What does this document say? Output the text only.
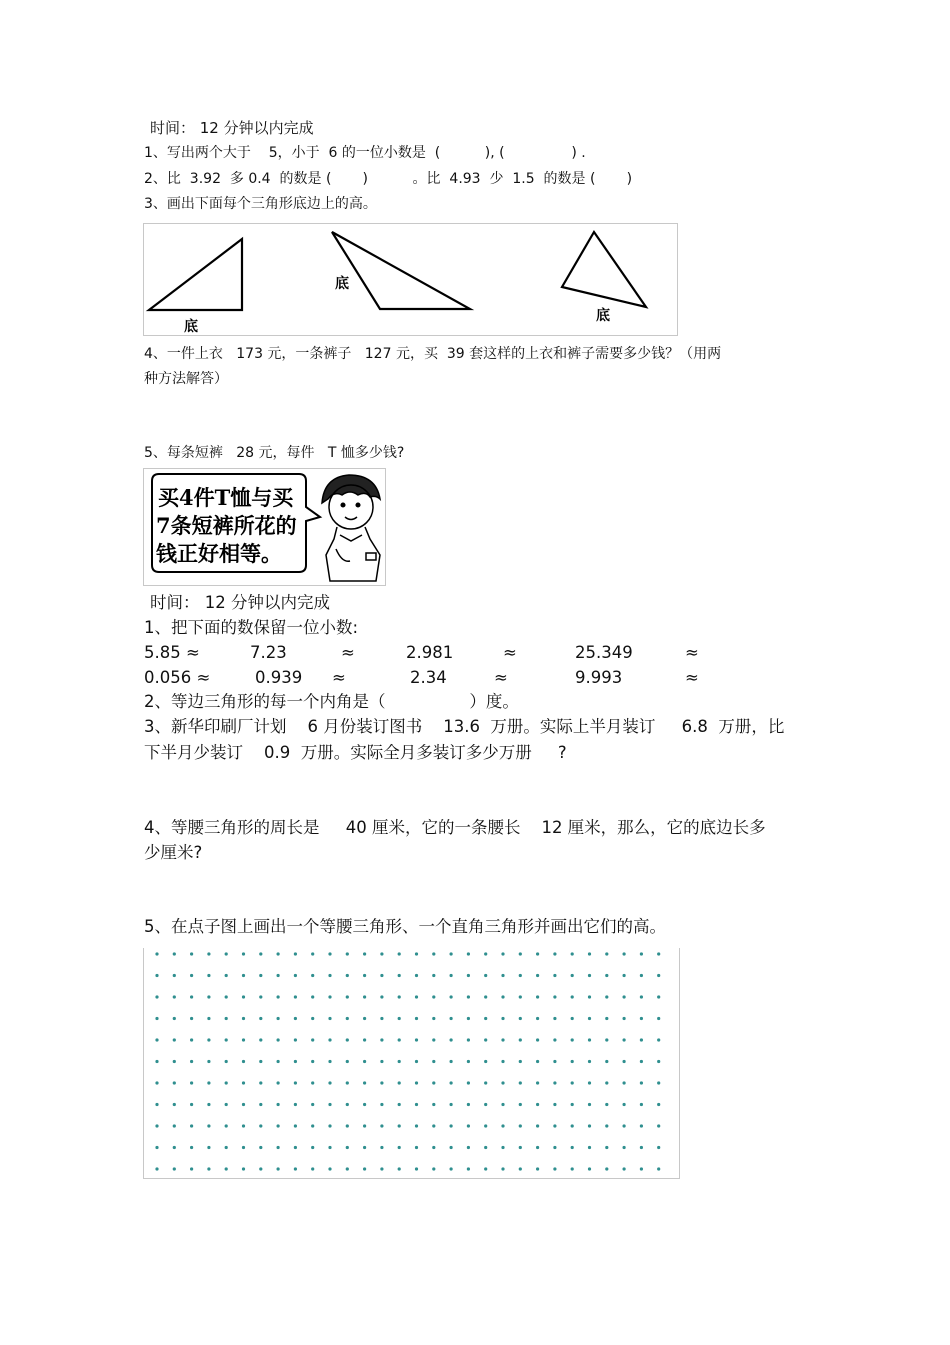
时间： 12 分钟以内完成
1、写出两个大于    5，小于  6 的一位小数是  (          ), (               ) .
2、比  3.92  多 0.4  的数是 (       )          。比  4.93  少  1.5  的数是 (       )
3、画出下面每个三角形底边上的高。
底
底
底
4、一件上衣   173 元，一条裤子   127 元，买  39 套这样的上衣和裤子需要多少钱？（用两
种方法解答）
5、每条短裤   28 元，每件   T 恤多少钱?
买4件T恤与买
7条短裤所花的
钱正好相等。
时间： 12 分钟以内完成
1、把下面的数保留一位小数:
5.85 ≈	7.23	≈	2.981	≈	25.349	≈
0.056 ≈	0.939 ≈	2.34	≈	9.993	≈
2、等边三角形的每一个内角是（                ）度。
3、新华印刷厂计划    6 月份装订图书    13.6  万册。实际上半月装订     6.8  万册，比
下半月少装订    0.9  万册。实际全月多装订多少万册     ?
4、等腰三角形的周长是     40 厘米，它的一条腰长    12 厘米，那么，它的底边长多
少厘米?
5、在点子图上画出一个等腰三角形、一个直角三角形并画出它们的高。
